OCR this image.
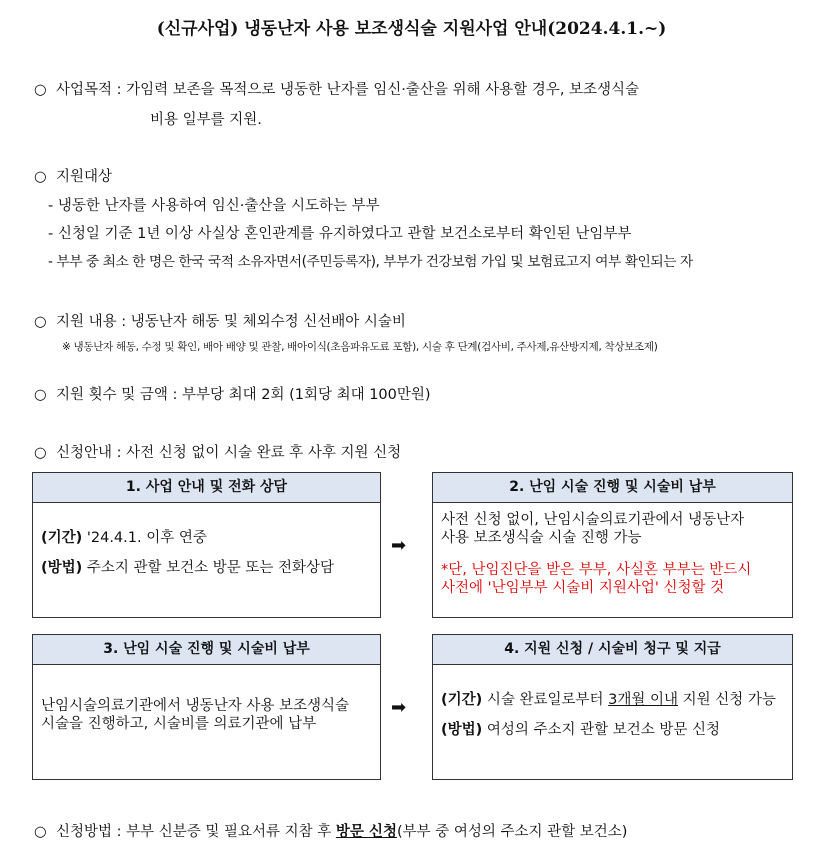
(신규사업) 냉동난자 사용 보조생식술 지원사업 안내(2024.4.1.~)
○ 사업목적 : 가임력 보존을 목적으로 냉동한 난자를 임신·출산을 위해 사용할 경우, 보조생식술
비용 일부를 지원.
○ 지원대상
- 냉동한 난자를 사용하여 임신·출산을 시도하는 부부
- 신청일 기준 1년 이상 사실상 혼인관계를 유지하였다고 관할 보건소로부터 확인된 난임부부
- 부부 중 최소 한 명은 한국 국적 소유자면서(주민등록자), 부부가 건강보험 가입 및 보험료고지 여부 확인되는 자
○ 지원 내용 : 냉동난자 해동 및 체외수정 신선배아 시술비
※ 냉동난자 해동, 수정 및 확인, 배아 배양 및 관찰, 배아이식(초음파유도료 포함), 시술 후 단계(검사비, 주사제,유산방지제, 착상보조제)
○ 지원 횟수 및 금액 : 부부당 최대 2회 (1회당 최대 100만원)
○ 신청안내 : 사전 신청 없이 시술 완료 후 사후 지원 신청
1. 사업 안내 및 전화 상담
(기간) '24.4.1. 이후 연중
(방법) 주소지 관할 보건소 방문 또는 전화상담
➡
2. 난임 시술 진행 및 시술비 납부
사전 신청 없이, 난임시술의료기관에서 냉동난자
사용 보조생식술 시술 진행 가능
*단, 난임진단을 받은 부부, 사실혼 부부는 반드시
사전에 '난임부부 시술비 지원사업' 신청할 것
3. 난임 시술 진행 및 시술비 납부
난임시술의료기관에서 냉동난자 사용 보조생식술
시술을 진행하고, 시술비를 의료기관에 납부
➡
4. 지원 신청 / 시술비 청구 및 지급
(기간) 시술 완료일로부터 3개월 이내 지원 신청 가능
(방법) 여성의 주소지 관할 보건소 방문 신청
○ 신청방법 : 부부 신분증 및 필요서류 지참 후 방문 신청(부부 중 여성의 주소지 관할 보건소)
